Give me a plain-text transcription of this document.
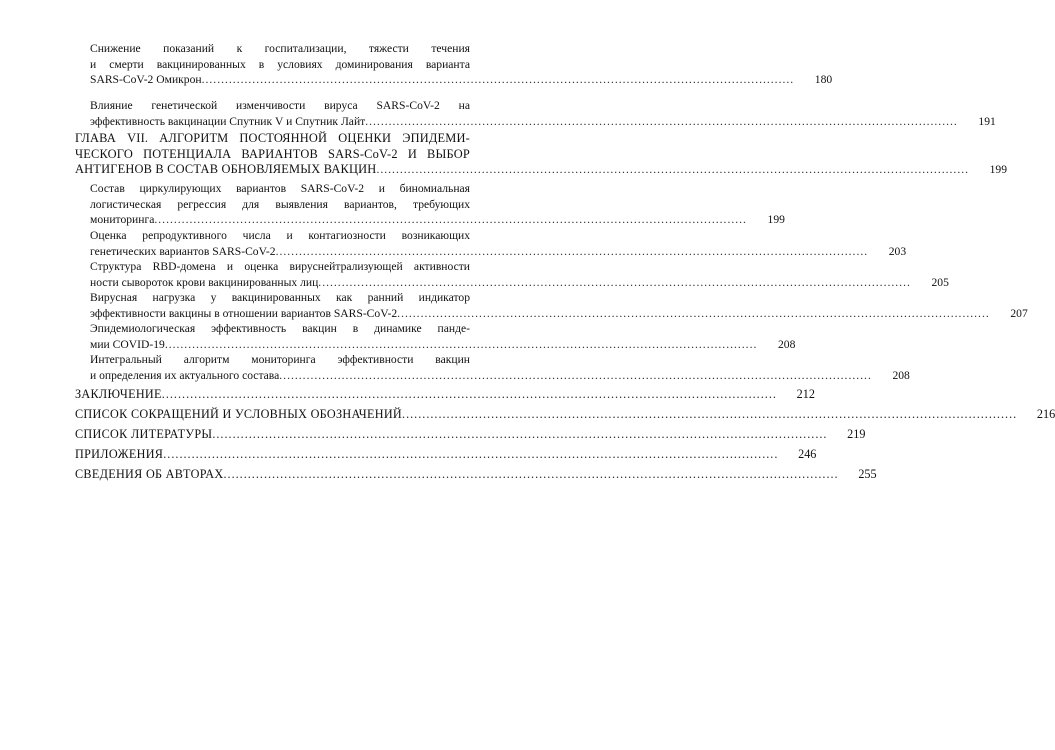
Снижение показаний к госпитализации, тяжести течения
и смерти вакцинированных в условиях доминирования варианта
SARS-CoV-2 Омикрон ........................................................................................................................................................	180
Влияние генетической изменчивости вируса SARS-CoV-2 на
эффективность вакцинации Спутник V и Спутник Лайт ........................................................................................................................................................	191
ГЛАВА VII. АЛГОРИТМ ПОСТОЯННОЙ ОЦЕНКИ ЭПИДЕМИ-
ЧЕСКОГО ПОТЕНЦИАЛА ВАРИАНТОВ SARS-CoV-2 И ВЫБОР
АНТИГЕНОВ В СОСТАВ ОБНОВЛЯЕМЫХ ВАКЦИН ........................................................................................................................................................	199
Состав циркулирующих вариантов SARS-CoV-2 и биномиальная
логистическая регрессия для выявления вариантов, требующих
мониторинга ........................................................................................................................................................	199
Оценка репродуктивного числа и контагиозности возникающих
генетических вариантов SARS-CoV-2 ........................................................................................................................................................	203
Структура RBD-домена и оценка вируснейтрализующей активности
ности сывороток крови вакцинированных лиц ........................................................................................................................................................	205
Вирусная нагрузка у вакцинированных как ранний индикатор
эффективности вакцины в отношении вариантов SARS-CoV-2 ........................................................................................................................................................	207
Эпидемиологическая эффективность вакцин в динамике панде-
мии COVID-19 ........................................................................................................................................................	208
Интегральный алгоритм мониторинга эффективности вакцин
и определения их актуального состава ........................................................................................................................................................	208
ЗАКЛЮЧЕНИЕ ........................................................................................................................................................	212
СПИСОК СОКРАЩЕНИЙ И УСЛОВНЫХ ОБОЗНАЧЕНИЙ ........................................................................................................................................................	216
СПИСОК ЛИТЕРАТУРЫ ........................................................................................................................................................	219
ПРИЛОЖЕНИЯ ........................................................................................................................................................	246
СВЕДЕНИЯ ОБ АВТОРАХ ........................................................................................................................................................	255
